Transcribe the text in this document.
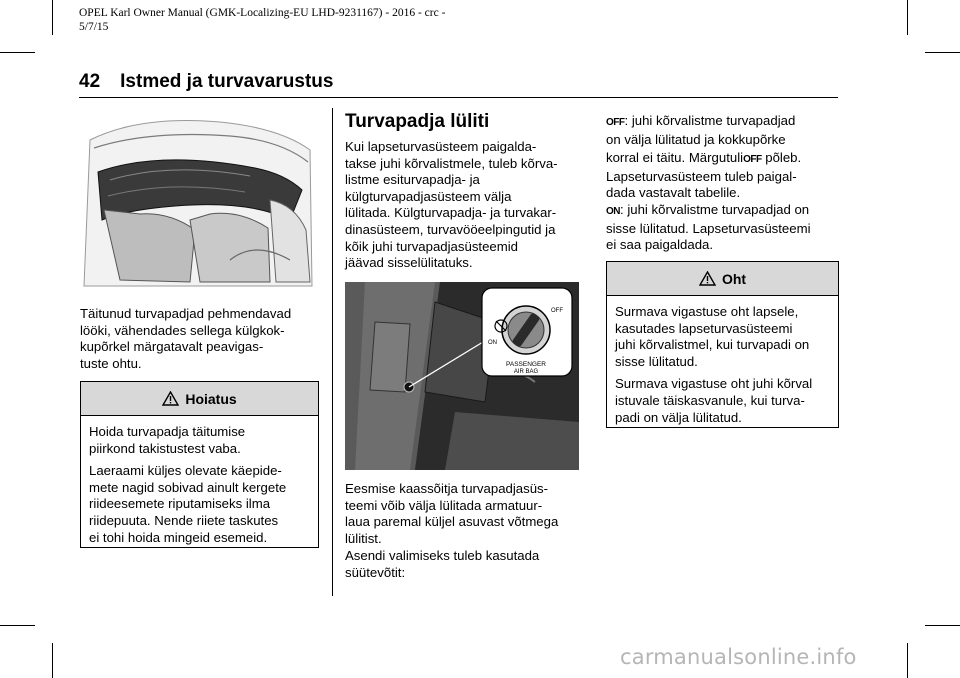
OPEL Karl Owner Manual (GMK-Localizing-EU LHD-9231167) - 2016 - crc -
5/7/15
42 Istmed ja turvavarustus

Täitunud turvapadjad pehmendavad

lööki, vähendades sellega külgkok-

kupõrkel märgatavalt peavigas-

tuste ohtu.

Hoiatus

Hoida turvapadja täitumise
piirkond takistustest vaba.

Laeraami küljes olevate käepide-
mete nagid sobivad ainult kergete
riideesemete riputamiseks ilma
riidepuuta. Nende riiete taskutes
ei tohi hoida mingeid esemeid.

Turvapadja lüliti

Kui lapseturvasüsteem paigalda-

takse juhi kõrvalistmele, tuleb kõrva-

listme esiturvapadja- ja

külgturvapadjasüsteem välja

lülitada. Külgturvapadja- ja turvakar-

dinasüsteem, turvavööeelpingutid ja

kõik juhi turvapadjasüsteemid

jäävad sisselülitatuks.

ON
OFF
PASSENGER
AIR BAG

Eesmise kaassõitja turvapadjasüs-

teemi võib välja lülitada armatuur-

laua paremal küljel asuvast võtmega

lülitist.

Asendi valimiseks tuleb kasutada

süütevõtit:

OFF: juhi kõrvalistme turvapadjad

on välja lülitatud ja kokkupõrke

korral ei täitu. MärgutuliOFF põleb.

Lapseturvasüsteem tuleb paigal-

dada vastavalt tabelile.

ON: juhi kõrvalistme turvapadjad on

sisse lülitatud. Lapseturvasüsteemi

ei saa paigaldada.

Oht

Surmava vigastuse oht lapsele,
kasutades lapseturvasüsteemi
juhi kõrvalistmel, kui turvapadi on
sisse lülitatud.

Surmava vigastuse oht juhi kõrval
istuvale täiskasvanule, kui turva-
padi on välja lülitatud.

carmanualsonline.info
